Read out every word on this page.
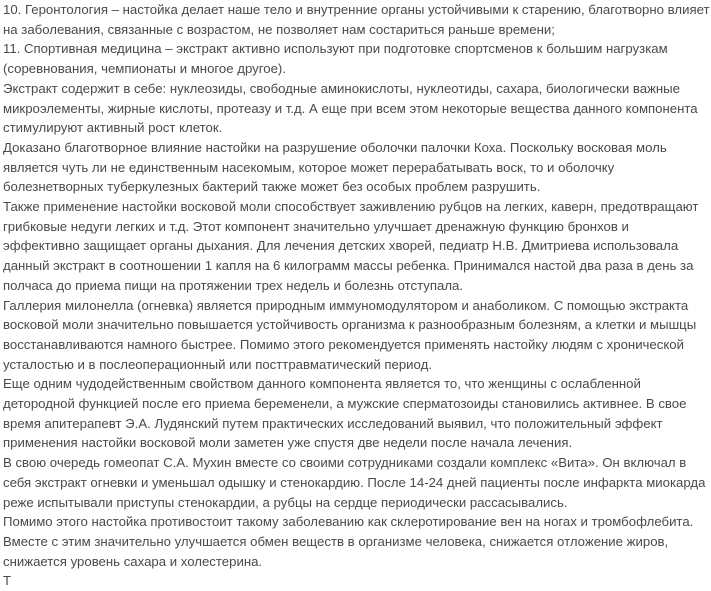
10. Геронтология – настойка делает наше тело и внутренние органы устойчивыми к старению, благотворно влияет
на заболевания, связанные с возрастом, не позволяет нам состариться раньше времени;
11. Спортивная медицина – экстракт активно используют при подготовке спортсменов к большим нагрузкам
(соревнования, чемпионаты и многое другое).
Экстракт содержит в себе: нуклеозиды, свободные аминокислоты, нуклеотиды, сахара, биологически важные
микроэлементы, жирные кислоты, протеазу и т.д. А еще при всем этом некоторые вещества данного компонента
стимулируют активный рост клеток.
Доказано благотворное влияние настойки на разрушение оболочки палочки Коха. Поскольку восковая моль
является чуть ли не единственным насекомым, которое может перерабатывать воск, то и оболочку
болезнетворных туберкулезных бактерий также может без особых проблем разрушить.
Также применение настойки восковой моли способствует заживлению рубцов на легких, каверн, предотвращают
грибковые недуги легких и т.д. Этот компонент значительно улучшает дренажную функцию бронхов и
эффективно защищает органы дыхания. Для лечения детских хворей, педиатр Н.В. Дмитриева использовала
данный экстракт в соотношении 1 капля на 6 килограмм массы ребенка. Принимался настой два раза в день за
полчаса до приема пищи на протяжении трех недель и болезнь отступала.
Галлерия милонелла (огневка) является природным иммуномодулятором и анаболиком. С помощью экстракта
восковой моли значительно повышается устойчивость организма к разнообразным болезням, а клетки и мышцы
восстанавливаются намного быстрее. Помимо этого рекомендуется применять настойку людям с хронической
усталостью и в послеоперационный или посттравматический период.
Еще одним чудодейственным свойством данного компонента является то, что женщины с ослабленной
детородной функцией после его приема беременели, а мужские сперматозоиды становились активнее. В свое
время апитерапевт Э.А. Лудянский путем практических исследований выявил, что положительный эффект
применения настойки восковой моли заметен уже спустя две недели после начала лечения.
В свою очередь гомеопат С.А. Мухин вместе со своими сотрудниками создали комплекс «Вита». Он включал в
себя экстракт огневки и уменьшал одышку и стенокардию. После 14-24 дней пациенты после инфаркта миокарда
реже испытывали приступы стенокардии, а рубцы на сердце периодически рассасывались.
Помимо этого настойка противостоит такому заболеванию как склеротирование вен на ногах и тромбофлебита.
Вместе с этим значительно улучшается обмен веществ в организме человека, снижается отложение жиров,
снижается уровень сахара и холестерина.
Т
